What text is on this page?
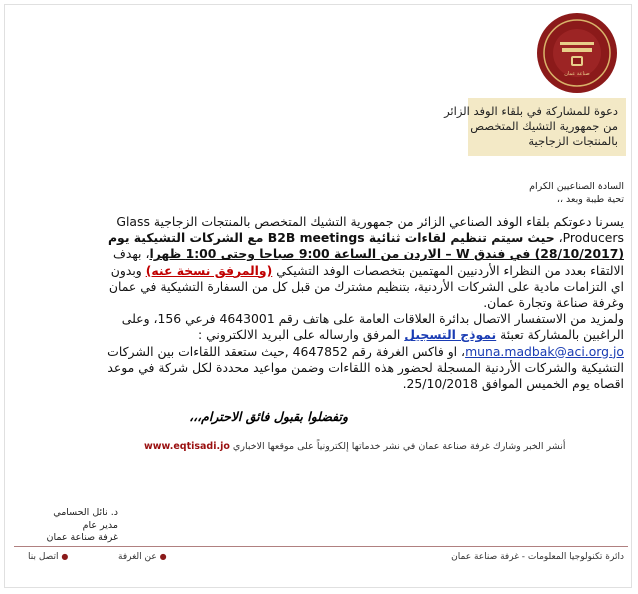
صناعة عمان
دعوة للمشاركة في بلقاء الوفد الزائر
من جمهورية التشيك المتخصص
بالمنتجات الزجاجية
السادة الصناعيين الكرام
تحية طيبة وبعد ،،
يسرنا دعوتكم بلقاء الوفد الصناعي الزائر من جمهورية التشيك المتخصص بالمنتجات الزجاجية Glass
Producers، حيث سيتم تنظيم لقاءات ثنائية B2B meetings مع الشركات التشيكية يوم
(28/10/2017) في فندق W – الاردن من الساعة 9:00 صباحا وحتى 1:00 ظهرا، بهدف
الالتقاء بعدد من النظراء الأردنيين المهتمين بتخصصات الوفد التشيكي (والمرفق نسخة عنه) وبدون
اي التزامات مادية على الشركات الأردنية، بتنظيم مشترك من قبل كل من السفارة التشيكية في عمان
وغرفة صناعة وتجارة عمان.
ولمزيد من الاستفسار الاتصال بدائرة العلاقات العامة على هاتف رقم 4643001 فرعي 156، وعلى
الراغبين بالمشاركة تعبئة نموذج التسجيل المرفق وارساله على البريد الالكتروني :
muna.madbak@aci.org.jo، او فاكس الغرفة رقم 4647852 ,حيث ستعقد اللقاءات بين الشركات
التشيكية والشركات الأردنية المسجلة لحضور هذه اللقاءات وضمن مواعيد محددة لكل شركة في موعد
اقصاه يوم الخميس الموافق 25/10/2018.
وتفضلوا بقبول فائق الاحترام،،،
أنشر الخبر وشارك غرفة صناعة عمان في نشر خدماتها إلكترونياً على موقعها الاخباري www.eqtisadi.jo
د. نائل الحسامي
مدير عام
غرفة صناعة عمان
دائرة تكنولوجيا المعلومات - غرفة صناعة عمان
● عن الغرفة
● اتصل بنا
